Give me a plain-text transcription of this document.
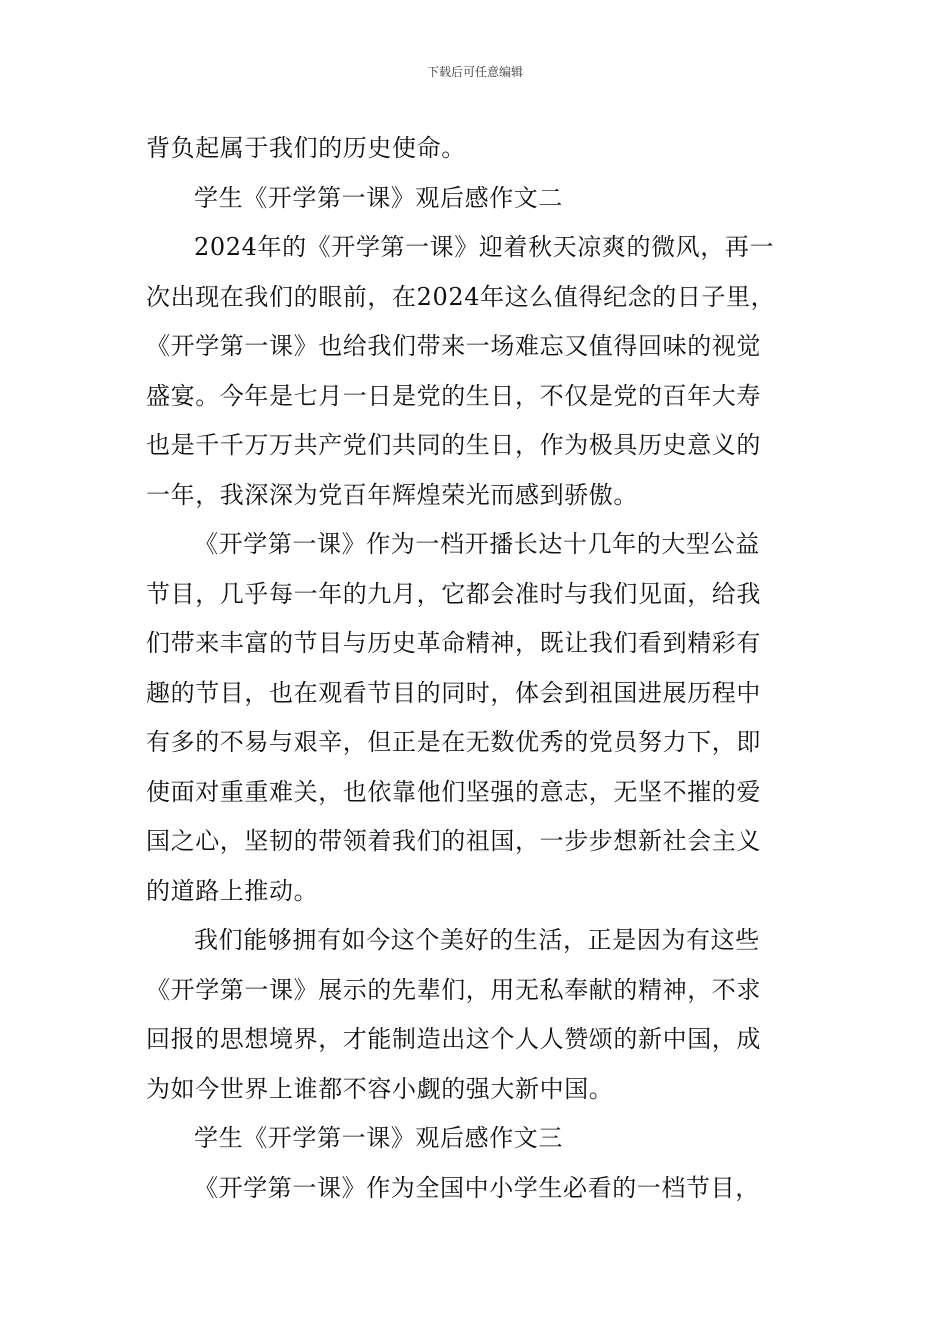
下载后可任意编辑
背负起属于我们的历史使命。
学生《开学第一课》观后感作文二
2024年的《开学第一课》迎着秋天凉爽的微风，再一
次出现在我们的眼前，在2024年这么值得纪念的日子里，
《开学第一课》也给我们带来一场难忘又值得回味的视觉
盛宴。今年是七月一日是党的生日，不仅是党的百年大寿
也是千千万万共产党们共同的生日，作为极具历史意义的
一年，我深深为党百年辉煌荣光而感到骄傲。
《开学第一课》作为一档开播长达十几年的大型公益
节目，几乎每一年的九月，它都会准时与我们见面，给我
们带来丰富的节目与历史革命精神，既让我们看到精彩有
趣的节目，也在观看节目的同时，体会到祖国进展历程中
有多的不易与艰辛，但正是在无数优秀的党员努力下，即
使面对重重难关，也依靠他们坚强的意志，无坚不摧的爱
国之心，坚韧的带领着我们的祖国，一步步想新社会主义
的道路上推动。
我们能够拥有如今这个美好的生活，正是因为有这些
《开学第一课》展示的先辈们，用无私奉献的精神，不求
回报的思想境界，才能制造出这个人人赞颂的新中国，成
为如今世界上谁都不容小觑的强大新中国。
学生《开学第一课》观后感作文三
《开学第一课》作为全国中小学生必看的一档节目，
